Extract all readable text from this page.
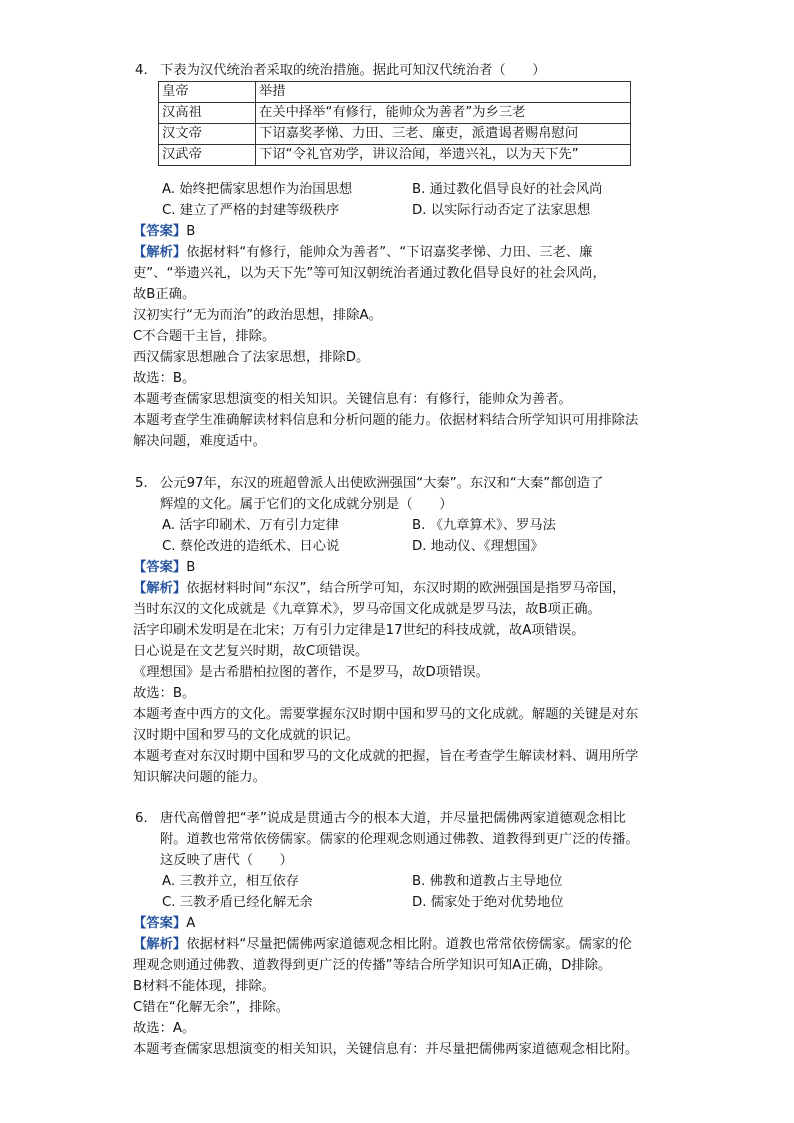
4. 下表为汉代统治者采取的统治措施。据此可知汉代统治者（　　）
皇帝	举措
汉高祖	在关中择举“有修行，能帅众为善者”为乡三老
汉文帝	下诏嘉奖孝悌、力田、三老、廉吏，派遣谒者赐帛慰问
汉武帝	下诏“令礼官劝学，讲议洽闻，举遗兴礼，以为天下先”
A. 始终把儒家思想作为治国思想	B. 通过教化倡导良好的社会风尚
C. 建立了严格的封建等级秩序	D. 以实际行动否定了法家思想
【答案】B
【解析】依据材料“有修行，能帅众为善者”、“下诏嘉奖孝悌、力田、三老、廉
吏”、“举遗兴礼，以为天下先”等可知汉朝统治者通过教化倡导良好的社会风尚，
故B正确。
汉初实行“无为而治”的政治思想，排除A。
C不合题干主旨，排除。
西汉儒家思想融合了法家思想，排除D。
故选：B。
本题考查儒家思想演变的相关知识。关键信息有：有修行，能帅众为善者。
本题考查学生准确解读材料信息和分析问题的能力。依据材料结合所学知识可用排除法
解决问题，难度适中。
5. 公元97年，东汉的班超曾派人出使欧洲强国“大秦”。东汉和“大秦”都创造了
辉煌的文化。属于它们的文化成就分别是（　　）
A. 活字印刷术、万有引力定律	B. 《九章算术》、罗马法
C. 蔡伦改进的造纸术、日心说	D. 地动仪、《理想国》
【答案】B
【解析】依据材料时间“东汉”，结合所学可知，东汉时期的欧洲强国是指罗马帝国，
当时东汉的文化成就是《九章算术》，罗马帝国文化成就是罗马法，故B项正确。
活字印刷术发明是在北宋；万有引力定律是17世纪的科技成就，故A项错误。
日心说是在文艺复兴时期，故C项错误。
《理想国》是古希腊柏拉图的著作，不是罗马，故D项错误。
故选：B。
本题考查中西方的文化。需要掌握东汉时期中国和罗马的文化成就。解题的关键是对东
汉时期中国和罗马的文化成就的识记。
本题考查对东汉时期中国和罗马的文化成就的把握，旨在考查学生解读材料、调用所学
知识解决问题的能力。
6. 唐代高僧曾把“孝”说成是贯通古今的根本大道，并尽量把儒佛两家道德观念相比
附。道教也常常依傍儒家。儒家的伦理观念则通过佛教、道教得到更广泛的传播。
这反映了唐代（　　）
A. 三教并立，相互依存	B. 佛教和道教占主导地位
C. 三教矛盾已经化解无余	D. 儒家处于绝对优势地位
【答案】A
【解析】依据材料“尽量把儒佛两家道德观念相比附。道教也常常依傍儒家。儒家的伦
理观念则通过佛教、道教得到更广泛的传播”等结合所学知识可知A正确，D排除。
B材料不能体现，排除。
C错在“化解无余”，排除。
故选：A。
本题考查儒家思想演变的相关知识，关键信息有：并尽量把儒佛两家道德观念相比附。
